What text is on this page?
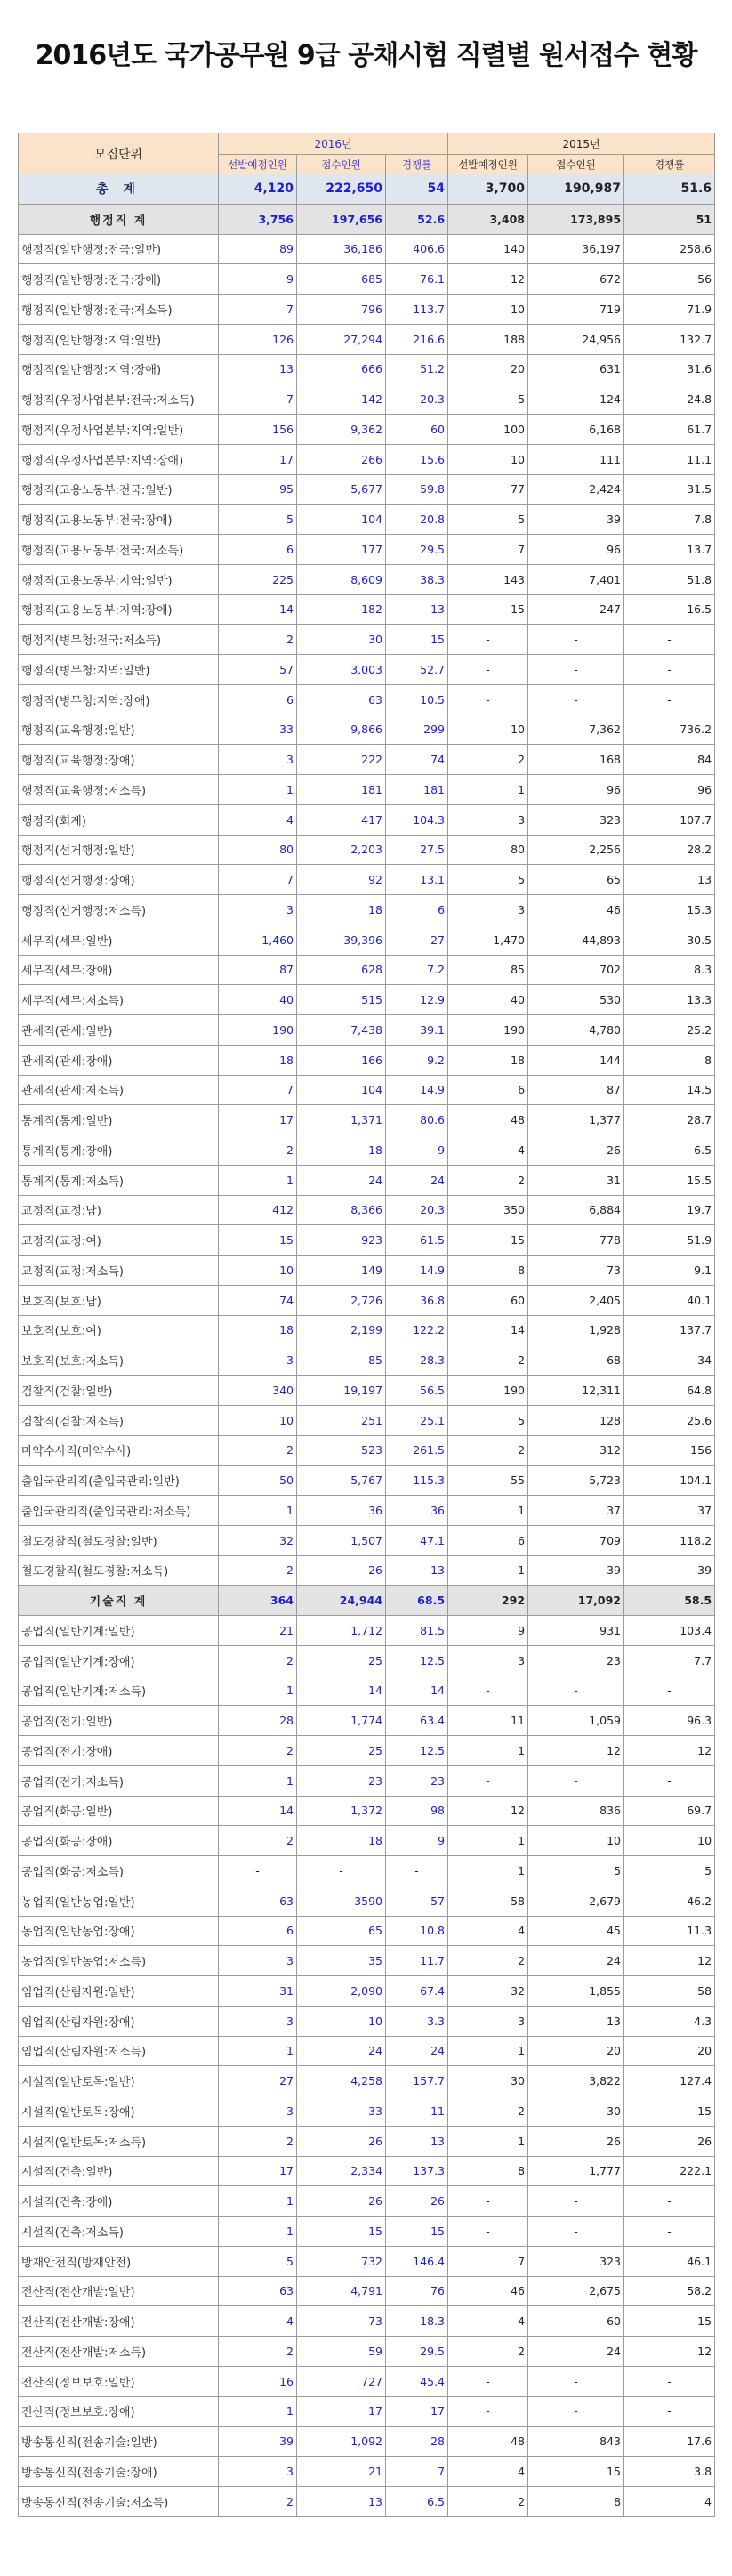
2016년도 국가공무원 9급 공채시험 직렬별 원서접수 현황
모집단위	2016년			2015년		
	선발예정인원	접수인원	경쟁률	선발예정인원	접수인원	경쟁률
총 계	4,120	222,650	54	3,700	190,987	51.6
행정직 계	3,756	197,656	52.6	3,408	173,895	51
행정직(일반행정:전국:일반)	89	36,186	406.6	140	36,197	258.6
행정직(일반행정:전국:장애)	9	685	76.1	12	672	56
행정직(일반행정:전국:저소득)	7	796	113.7	10	719	71.9
행정직(일반행정:지역:일반)	126	27,294	216.6	188	24,956	132.7
행정직(일반행정:지역:장애)	13	666	51.2	20	631	31.6
행정직(우정사업본부:전국:저소득)	7	142	20.3	5	124	24.8
행정직(우정사업본부:지역:일반)	156	9,362	60	100	6,168	61.7
행정직(우정사업본부:지역:장애)	17	266	15.6	10	111	11.1
행정직(고용노동부:전국:일반)	95	5,677	59.8	77	2,424	31.5
행정직(고용노동부:전국:장애)	5	104	20.8	5	39	7.8
행정직(고용노동부:전국:저소득)	6	177	29.5	7	96	13.7
행정직(고용노동부:지역:일반)	225	8,609	38.3	143	7,401	51.8
행정직(고용노동부:지역:장애)	14	182	13	15	247	16.5
행정직(병무청:전국:저소득)	2	30	15	-	-	-
행정직(병무청:지역:일반)	57	3,003	52.7	-	-	-
행정직(병무청:지역:장애)	6	63	10.5	-	-	-
행정직(교육행정:일반)	33	9,866	299	10	7,362	736.2
행정직(교육행정:장애)	3	222	74	2	168	84
행정직(교육행정:저소득)	1	181	181	1	96	96
행정직(회계)	4	417	104.3	3	323	107.7
행정직(선거행정:일반)	80	2,203	27.5	80	2,256	28.2
행정직(선거행정:장애)	7	92	13.1	5	65	13
행정직(선거행정:저소득)	3	18	6	3	46	15.3
세무직(세무:일반)	1,460	39,396	27	1,470	44,893	30.5
세무직(세무:장애)	87	628	7.2	85	702	8.3
세무직(세무:저소득)	40	515	12.9	40	530	13.3
관세직(관세:일반)	190	7,438	39.1	190	4,780	25.2
관세직(관세:장애)	18	166	9.2	18	144	8
관세직(관세:저소득)	7	104	14.9	6	87	14.5
통계직(통계:일반)	17	1,371	80.6	48	1,377	28.7
통계직(통계:장애)	2	18	9	4	26	6.5
통계직(통계:저소득)	1	24	24	2	31	15.5
교정직(교정:남)	412	8,366	20.3	350	6,884	19.7
교정직(교정:여)	15	923	61.5	15	778	51.9
교정직(교정:저소득)	10	149	14.9	8	73	9.1
보호직(보호:남)	74	2,726	36.8	60	2,405	40.1
보호직(보호:여)	18	2,199	122.2	14	1,928	137.7
보호직(보호:저소득)	3	85	28.3	2	68	34
검찰직(검찰:일반)	340	19,197	56.5	190	12,311	64.8
검찰직(검찰:저소득)	10	251	25.1	5	128	25.6
마약수사직(마약수사)	2	523	261.5	2	312	156
출입국관리직(출입국관리:일반)	50	5,767	115.3	55	5,723	104.1
출입국관리직(출입국관리:저소득)	1	36	36	1	37	37
철도경찰직(철도경찰:일반)	32	1,507	47.1	6	709	118.2
철도경찰직(철도경찰:저소득)	2	26	13	1	39	39
기술직 계	364	24,944	68.5	292	17,092	58.5
공업직(일반기계:일반)	21	1,712	81.5	9	931	103.4
공업직(일반기계:장애)	2	25	12.5	3	23	7.7
공업직(일반기계:저소득)	1	14	14	-	-	-
공업직(전기:일반)	28	1,774	63.4	11	1,059	96.3
공업직(전기:장애)	2	25	12.5	1	12	12
공업직(전기:저소득)	1	23	23	-	-	-
공업직(화공:일반)	14	1,372	98	12	836	69.7
공업직(화공:장애)	2	18	9	1	10	10
공업직(화공:저소득)	-	-	-	1	5	5
농업직(일반농업:일반)	63	3590	57	58	2,679	46.2
농업직(일반농업:장애)	6	65	10.8	4	45	11.3
농업직(일반농업:저소득)	3	35	11.7	2	24	12
임업직(산림자원:일반)	31	2,090	67.4	32	1,855	58
임업직(산림자원:장애)	3	10	3.3	3	13	4.3
임업직(산림자원:저소득)	1	24	24	1	20	20
시설직(일반토목:일반)	27	4,258	157.7	30	3,822	127.4
시설직(일반토목:장애)	3	33	11	2	30	15
시설직(일반토목:저소득)	2	26	13	1	26	26
시설직(건축:일반)	17	2,334	137.3	8	1,777	222.1
시설직(건축:장애)	1	26	26	-	-	-
시설직(건축:저소득)	1	15	15	-	-	-
방재안전직(방재안전)	5	732	146.4	7	323	46.1
전산직(전산개발:일반)	63	4,791	76	46	2,675	58.2
전산직(전산개발:장애)	4	73	18.3	4	60	15
전산직(전산개발:저소득)	2	59	29.5	2	24	12
전산직(정보보호:일반)	16	727	45.4	-	-	-
전산직(정보보호:장애)	1	17	17	-	-	-
방송통신직(전송기술:일반)	39	1,092	28	48	843	17.6
방송통신직(전송기술:장애)	3	21	7	4	15	3.8
방송통신직(전송기술:저소득)	2	13	6.5	2	8	4
